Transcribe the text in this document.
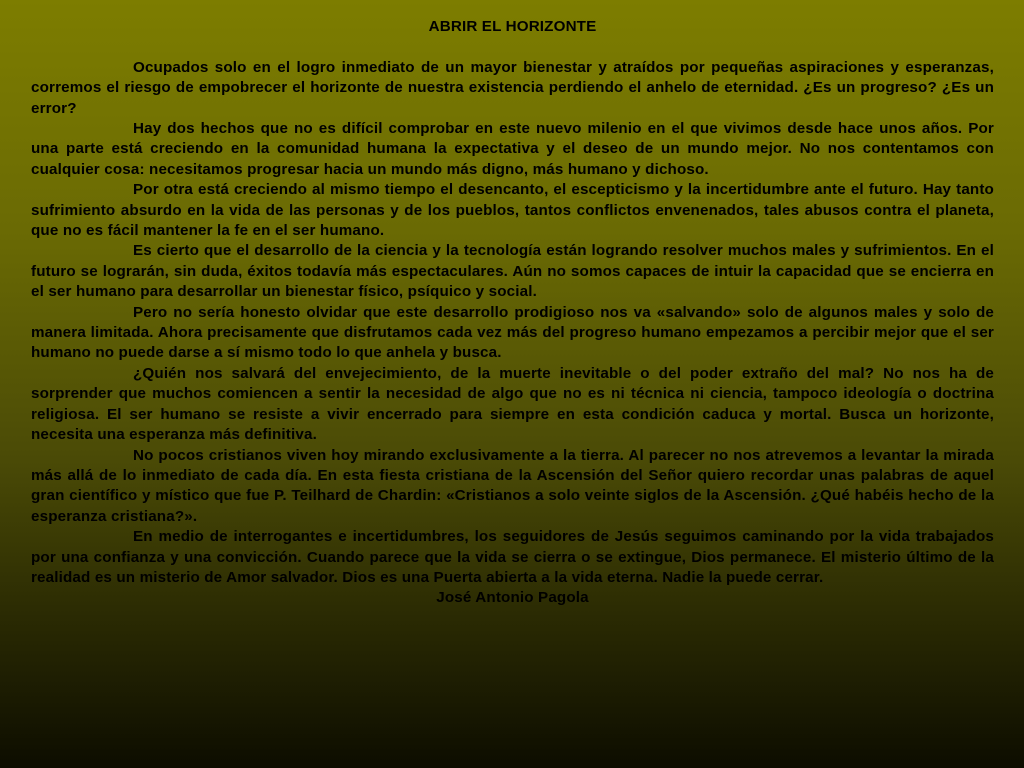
ABRIR EL HORIZONTE

Ocupados solo en el logro inmediato de un mayor bienestar y atraídos por pequeñas aspiraciones y esperanzas, corremos el riesgo de empobrecer el horizonte de nuestra existencia perdiendo el anhelo de eternidad. ¿Es un progreso? ¿Es un error?

Hay dos hechos que no es difícil comprobar en este nuevo milenio en el que vivimos desde hace unos años. Por una parte está creciendo en la comunidad humana la expectativa y el deseo de un mundo mejor. No nos contentamos con cualquier cosa: necesitamos progresar hacia un mundo más digno, más humano y dichoso.

Por otra está creciendo al mismo tiempo el desencanto, el escepticismo y la incertidumbre ante el futuro. Hay tanto sufrimiento absurdo en la vida de las personas y de los pueblos, tantos conflictos envenenados, tales abusos contra el planeta, que no es fácil mantener la fe en el ser humano.

Es cierto que el desarrollo de la ciencia y la tecnología están logrando resolver muchos males y sufrimientos. En el futuro se lograrán, sin duda, éxitos todavía más espectaculares. Aún no somos capaces de intuir la capacidad que se encierra en el ser humano para desarrollar un bienestar físico, psíquico y social.

Pero no sería honesto olvidar que este desarrollo prodigioso nos va «salvando» solo de algunos males y solo de manera limitada. Ahora precisamente que disfrutamos cada vez más del progreso humano empezamos a percibir mejor que el ser humano no puede darse a sí mismo todo lo que anhela y busca.

¿Quién nos salvará del envejecimiento, de la muerte inevitable o del poder extraño del mal? No nos ha de sorprender que muchos comiencen a sentir la necesidad de algo que no es ni técnica ni ciencia, tampoco ideología o doctrina religiosa. El ser humano se resiste a vivir encerrado para siempre en esta condición caduca y mortal. Busca un horizonte, necesita una esperanza más definitiva.

No pocos cristianos viven hoy mirando exclusivamente a la tierra. Al parecer no nos atrevemos a levantar la mirada más allá de lo inmediato de cada día. En esta fiesta cristiana de la Ascensión del Señor quiero recordar unas palabras de aquel gran científico y místico que fue P. Teilhard de Chardin: «Cristianos a solo veinte siglos de la Ascensión. ¿Qué habéis hecho de la esperanza cristiana?».

En medio de interrogantes e incertidumbres, los seguidores de Jesús seguimos caminando por la vida trabajados por una confianza y una convicción. Cuando parece que la vida se cierra o se extingue, Dios permanece. El misterio último de la realidad es un misterio de Amor salvador. Dios es una Puerta abierta a la vida eterna. Nadie la puede cerrar.

José Antonio Pagola
